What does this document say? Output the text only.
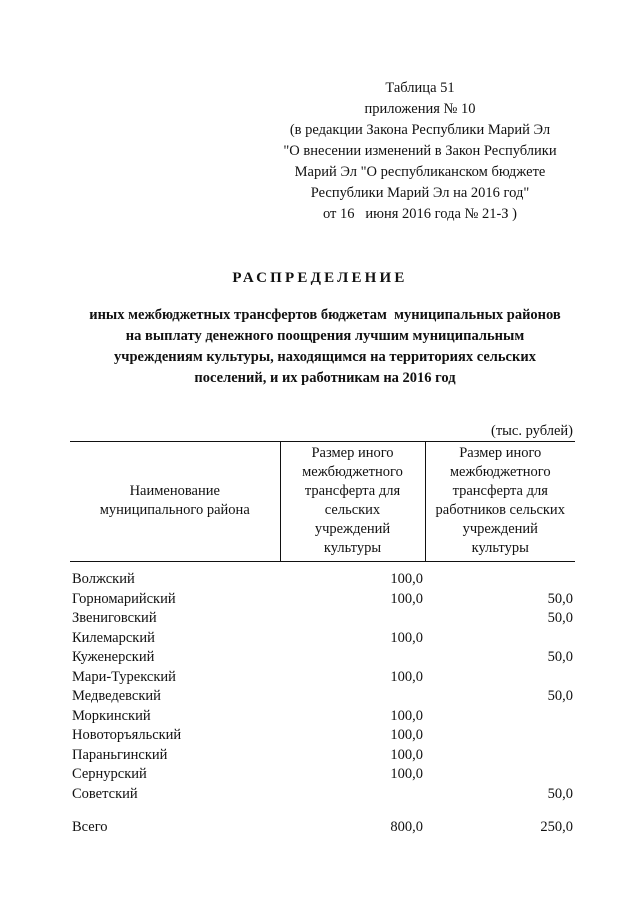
Таблица 51
приложения № 10
(в редакции Закона Республики Марий Эл
"О внесении изменений в Закон Республики
Марий Эл "О республиканском бюджете
Республики Марий Эл на 2016 год"
от 16   июня 2016 года № 21-З )
РАСПРЕДЕЛЕНИЕ
иных межбюджетных трансфертов бюджетам  муниципальных районов
на выплату денежного поощрения лучшим муниципальным
учреждениям культуры, находящимся на территориях сельских
поселений, и их работникам на 2016 год
(тыс. рублей)
Наименование муниципального района	Размер иного межбюджетного трансферта для сельских учреждений культуры	Размер иного межбюджетного трансферта для работников сельских учреждений культуры

Волжский	100,0	
Горномарийский	100,0	50,0
Звениговский		50,0
Килемарский	100,0	
Куженерский		50,0
Мари-Турекский	100,0	
Медведевский		50,0
Моркинский	100,0	
Новоторъяльский	100,0	
Параньгинский	100,0	
Сернурский	100,0	
Советский		50,0
Всего	800,0	250,0
